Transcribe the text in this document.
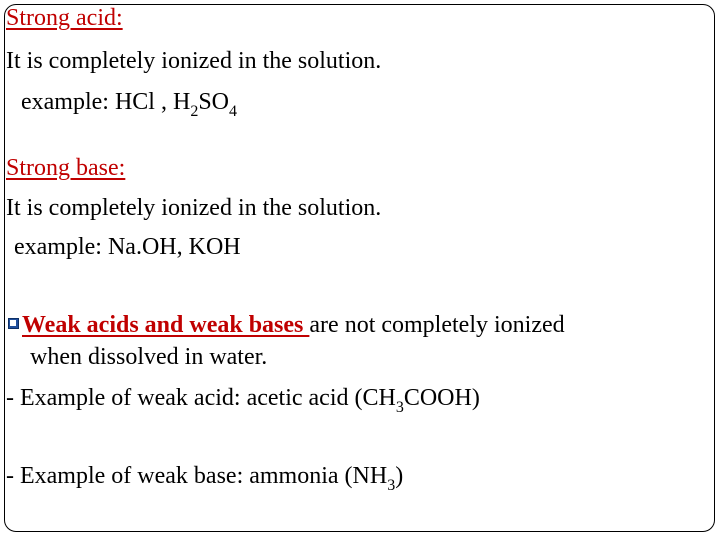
Strong acid:
It is completely ionized in the solution.
example: HCl , $H_2SO_4$
Strong base:
It is completely ionized in the solution.
example: Na.OH, KOH
Weak acids and weak bases are not completely ionized
when dissolved in water.
- Example of weak acid: acetic acid $(CH_3COOH)$
- Example of weak base: ammonia $(NH_3)$
